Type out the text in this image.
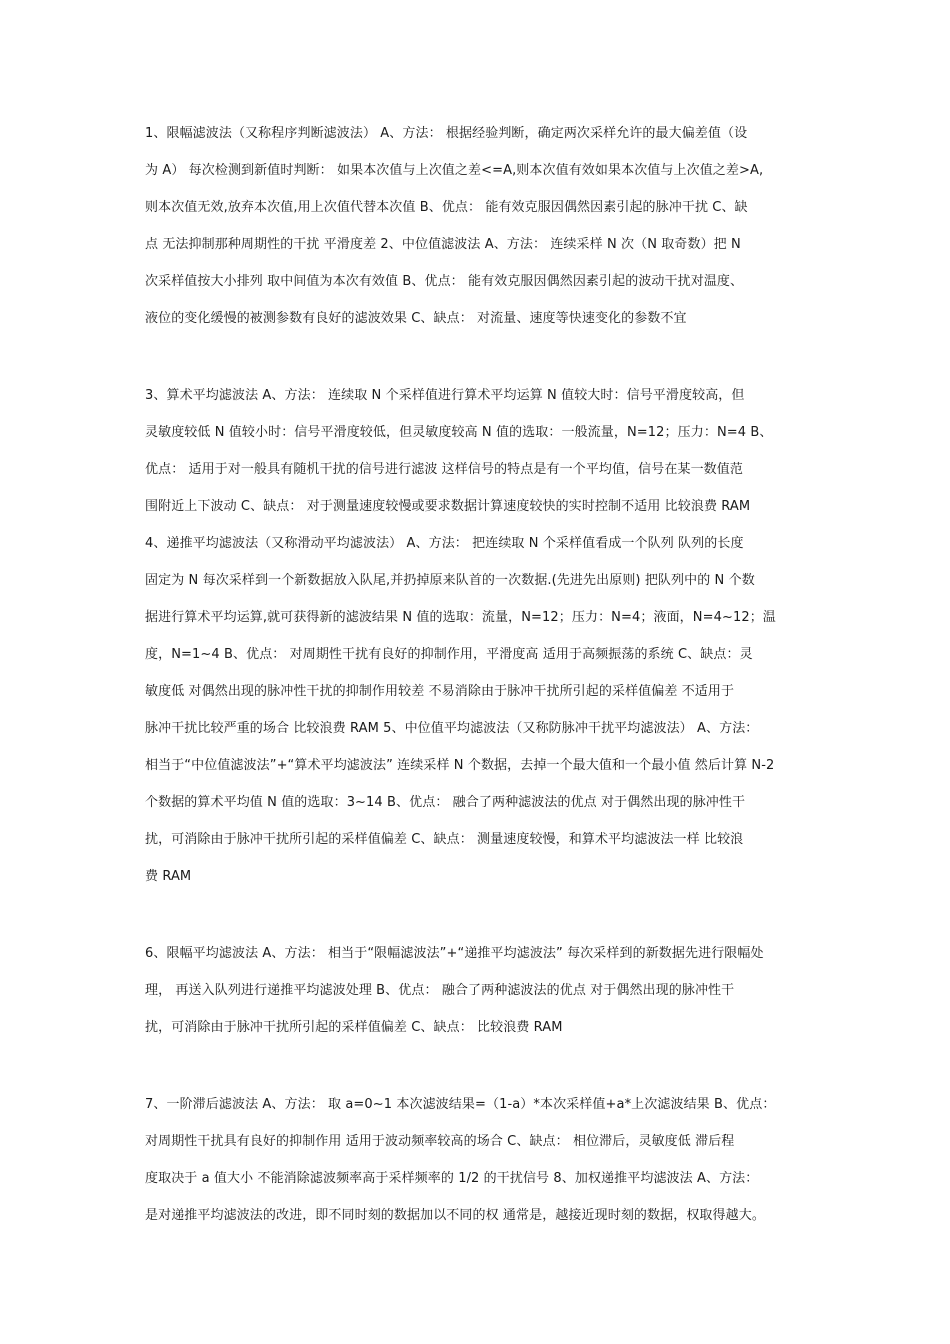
1、限幅滤波法（又称程序判断滤波法） A、方法： 根据经验判断，确定两次采样允许的最大偏差值（设
为 A） 每次检测到新值时判断： 如果本次值与上次值之差<=A,则本次值有效如果本次值与上次值之差>A,
则本次值无效,放弃本次值,用上次值代替本次值 B、优点： 能有效克服因偶然因素引起的脉冲干扰 C、缺
点 无法抑制那种周期性的干扰 平滑度差 2、中位值滤波法 A、方法： 连续采样 N 次（N 取奇数）把 N
次采样值按大小排列 取中间值为本次有效值 B、优点： 能有效克服因偶然因素引起的波动干扰对温度、
液位的变化缓慢的被测参数有良好的滤波效果 C、缺点： 对流量、速度等快速变化的参数不宜
3、算术平均滤波法 A、方法： 连续取 N 个采样值进行算术平均运算 N 值较大时：信号平滑度较高，但
灵敏度较低 N 值较小时：信号平滑度较低，但灵敏度较高 N 值的选取：一般流量，N=12；压力：N=4 B、
优点： 适用于对一般具有随机干扰的信号进行滤波 这样信号的特点是有一个平均值，信号在某一数值范
围附近上下波动 C、缺点： 对于测量速度较慢或要求数据计算速度较快的实时控制不适用 比较浪费 RAM
4、递推平均滤波法（又称滑动平均滤波法） A、方法： 把连续取 N 个采样值看成一个队列 队列的长度
固定为 N 每次采样到一个新数据放入队尾,并扔掉原来队首的一次数据.(先进先出原则) 把队列中的 N 个数
据进行算术平均运算,就可获得新的滤波结果 N 值的选取：流量，N=12；压力：N=4；液面，N=4~12；温
度，N=1~4 B、优点： 对周期性干扰有良好的抑制作用，平滑度高 适用于高频振荡的系统 C、缺点：灵
敏度低 对偶然出现的脉冲性干扰的抑制作用较差 不易消除由于脉冲干扰所引起的采样值偏差 不适用于
脉冲干扰比较严重的场合 比较浪费 RAM 5、中位值平均滤波法（又称防脉冲干扰平均滤波法） A、方法：
相当于“中位值滤波法”+“算术平均滤波法” 连续采样 N 个数据，去掉一个最大值和一个最小值 然后计算 N-2
个数据的算术平均值 N 值的选取：3~14 B、优点： 融合了两种滤波法的优点 对于偶然出现的脉冲性干
扰，可消除由于脉冲干扰所引起的采样值偏差 C、缺点： 测量速度较慢，和算术平均滤波法一样 比较浪
费 RAM
6、限幅平均滤波法 A、方法： 相当于“限幅滤波法”+“递推平均滤波法” 每次采样到的新数据先进行限幅处
理， 再送入队列进行递推平均滤波处理 B、优点： 融合了两种滤波法的优点 对于偶然出现的脉冲性干
扰，可消除由于脉冲干扰所引起的采样值偏差 C、缺点： 比较浪费 RAM
7、一阶滞后滤波法 A、方法： 取 a=0~1 本次滤波结果=（1-a）*本次采样值+a*上次滤波结果 B、优点：
对周期性干扰具有良好的抑制作用 适用于波动频率较高的场合 C、缺点： 相位滞后，灵敏度低 滞后程
度取决于 a 值大小 不能消除滤波频率高于采样频率的 1/2 的干扰信号 8、加权递推平均滤波法 A、方法：
是对递推平均滤波法的改进，即不同时刻的数据加以不同的权 通常是，越接近现时刻的数据，权取得越大。
